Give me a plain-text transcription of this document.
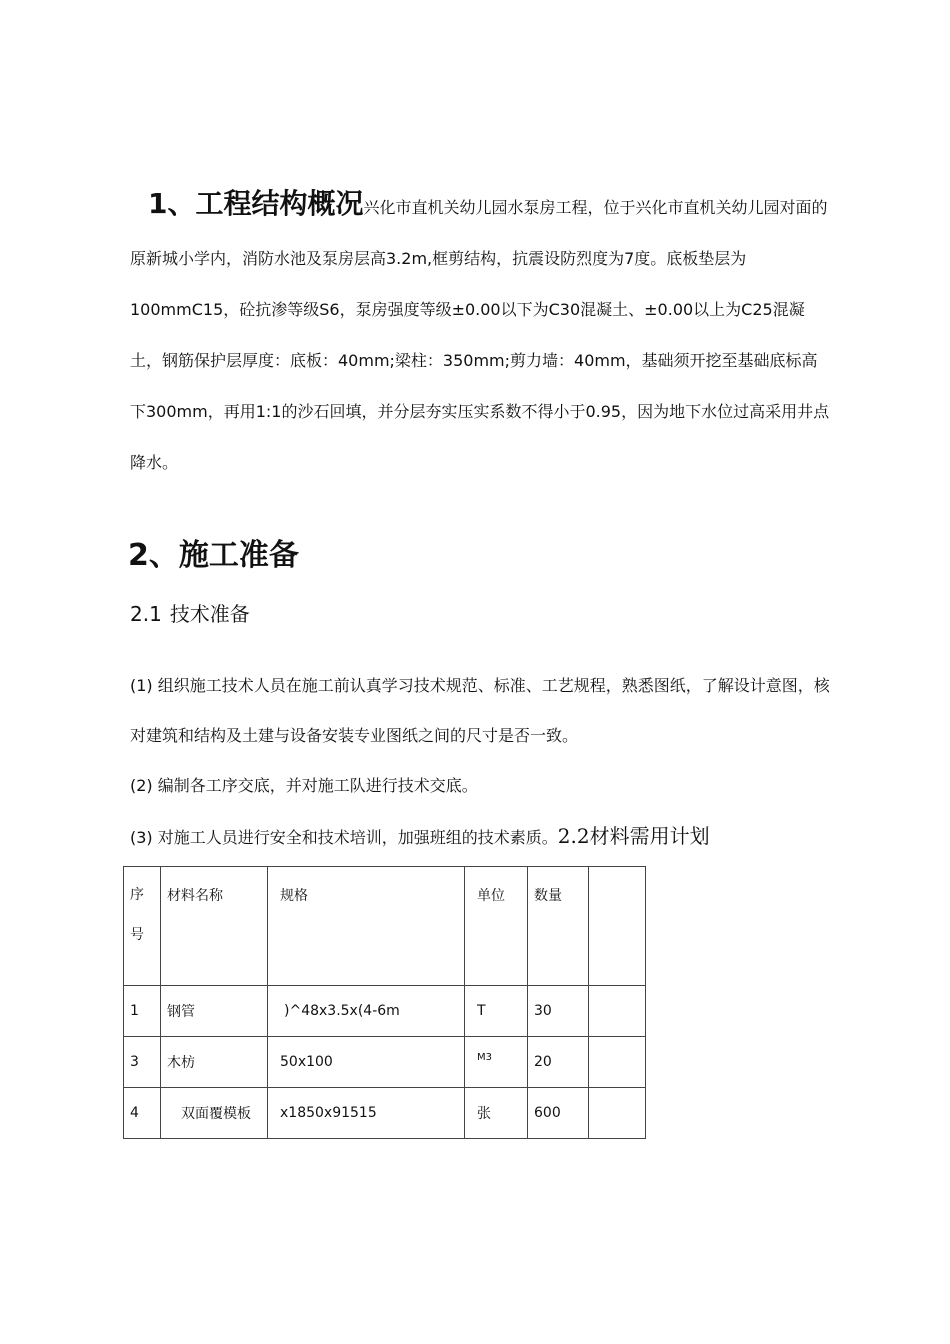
1、工程结构概况兴化市直机关幼儿园水泵房工程，位于兴化市直机关幼儿园对面的原新城小学内，消防水池及泵房层高3.2m,框剪结构，抗震设防烈度为7度。底板垫层为100mmC15，砼抗渗等级S6，泵房强度等级±0.00以下为C30混凝土、±0.00以上为C25混凝土，钢筋保护层厚度：底板：40mm;梁柱：350mm;剪力墙：40mm，基础须开挖至基础底标高下300mm，再用1:1的沙石回填，并分层夯实压实系数不得小于0.95，因为地下水位过高采用井点降水。
2、施工准备
2.1 技术准备
(1) 组织施工技术人员在施工前认真学习技术规范、标准、工艺规程，熟悉图纸，了解设计意图，核对建筑和结构及土建与设备安装专业图纸之间的尺寸是否一致。
(2) 编制各工序交底，并对施工队进行技术交底。
(3) 对施工人员进行安全和技术培训，加强班组的技术素质。2.2材料需用计划
序
号	材料名称	规格	单位	数量	
1	钢管	)^48x3.5x(4-6m	T	30	
3	木枋	50x100	$^{M3}$	20	
4	双面覆模板	x1850x91515	张	600	
